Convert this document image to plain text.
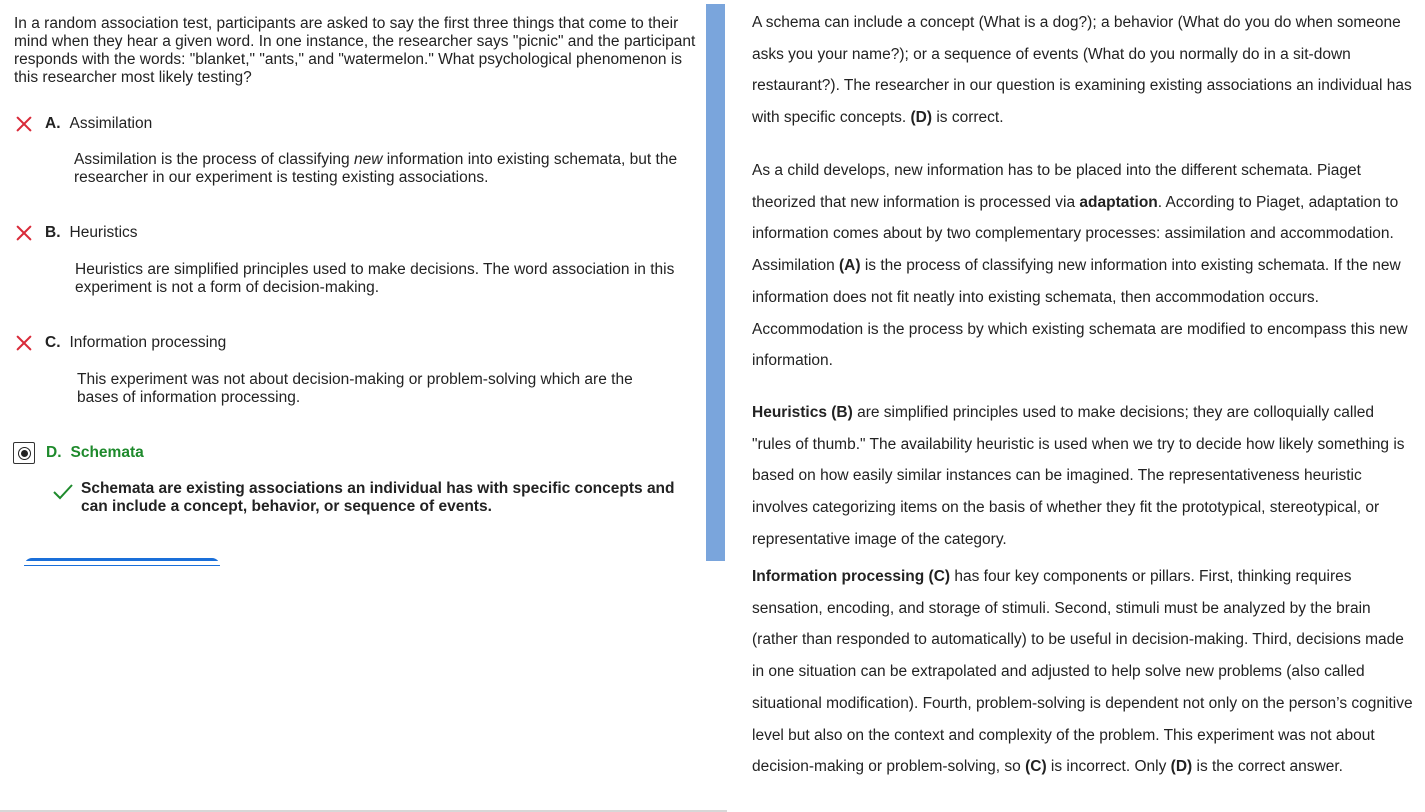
In a random association test, participants are asked to say the first three things that come to their mind when they hear a given word. In one instance, the researcher says "picnic" and the participant responds with the words: "blanket," "ants," and "watermelon." What psychological phenomenon is this researcher most likely testing?
A. Assimilation
Assimilation is the process of classifying new information into existing schemata, but the researcher in our experiment is testing existing associations.
B. Heuristics
Heuristics are simplified principles used to make decisions. The word association in this experiment is not a form of decision-making.
C. Information processing
This experiment was not about decision-making or problem-solving which are the bases of information processing.
D. Schemata
Schemata are existing associations an individual has with specific concepts and can include a concept, behavior, or sequence of events.
A schema can include a concept (What is a dog?); a behavior (What do you do when someone asks you your name?); or a sequence of events (What do you normally do in a sit-down restaurant?). The researcher in our question is examining existing associations an individual has with specific concepts. (D) is correct.
As a child develops, new information has to be placed into the different schemata. Piaget theorized that new information is processed via adaptation. According to Piaget, adaptation to information comes about by two complementary processes: assimilation and accommodation. Assimilation (A) is the process of classifying new information into existing schemata. If the new information does not fit neatly into existing schemata, then accommodation occurs. Accommodation is the process by which existing schemata are modified to encompass this new information.
Heuristics (B) are simplified principles used to make decisions; they are colloquially called "rules of thumb." The availability heuristic is used when we try to decide how likely something is based on how easily similar instances can be imagined. The representativeness heuristic involves categorizing items on the basis of whether they fit the prototypical, stereotypical, or representative image of the category.
Information processing (C) has four key components or pillars. First, thinking requires sensation, encoding, and storage of stimuli. Second, stimuli must be analyzed by the brain (rather than responded to automatically) to be useful in decision-making. Third, decisions made in one situation can be extrapolated and adjusted to help solve new problems (also called situational modification). Fourth, problem-solving is dependent not only on the person’s cognitive level but also on the context and complexity of the problem. This experiment was not about decision-making or problem-solving, so (C) is incorrect. Only (D) is the correct answer.
